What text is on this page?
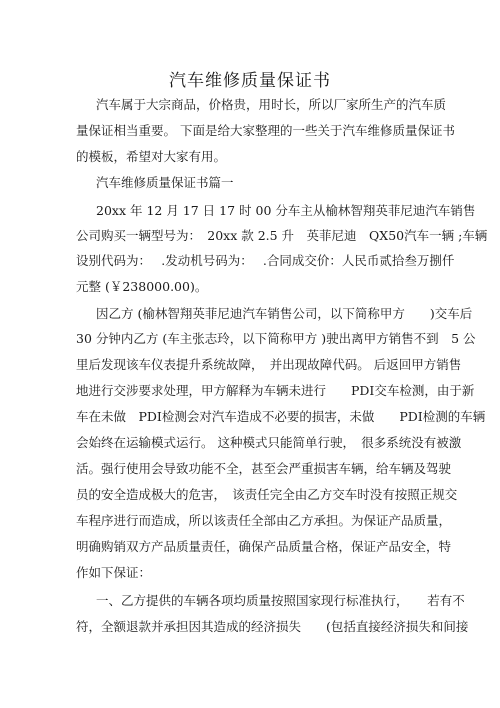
汽车维修质量保证书
汽车属于大宗商品，价格贵，用时长，所以厂家所生产的汽车质
量保证相当重要。 下面是给大家整理的一些关于汽车维修质量保证书
的模板，希望对大家有用。
汽车维修质量保证书篇一
20xx 年 12 月 17 日 17 时 00 分车主从榆林智翔英菲尼迪汽车销售
公司购买一辆型号为：　20xx 款 2.5 升　英菲尼迪　QX50汽车一辆 ;车辆
设别代码为：　 .发动机号码为：　 .合同成交价：人民币贰拾叁万捌仟
元整 (￥238000.00)。
因乙方 (榆林智翔英菲尼迪汽车销售公司，以下简称甲方　　)交车后
30 分钟内乙方 (车主张志玲，以下简称甲方 )驶出离甲方销售不到　5 公
里后发现该车仪表提升系统故障，　并出现故障代码。 后返回甲方销售
地进行交涉要求处理，甲方解释为车辆未进行　　PDI交车检测，由于新
车在未做　PDI检测会对汽车造成不必要的损害，未做　　PDI检测的车辆
会始终在运输模式运行。 这种模式只能简单行驶，　很多系统没有被激
活。强行使用会导致功能不全，甚至会严重损害车辆，给车辆及驾驶
员的安全造成极大的危害，　该责任完全由乙方交车时没有按照正规交
车程序进行而造成，所以该责任全部由乙方承担。为保证产品质量，
明确购销双方产品质量责任，确保产品质量合格，保证产品安全，特
作如下保证：
一、乙方提供的车辆各项均质量按照国家现行标准执行，　　若有不
符，全额退款并承担因其造成的经济损失　　(包括直接经济损失和间接
